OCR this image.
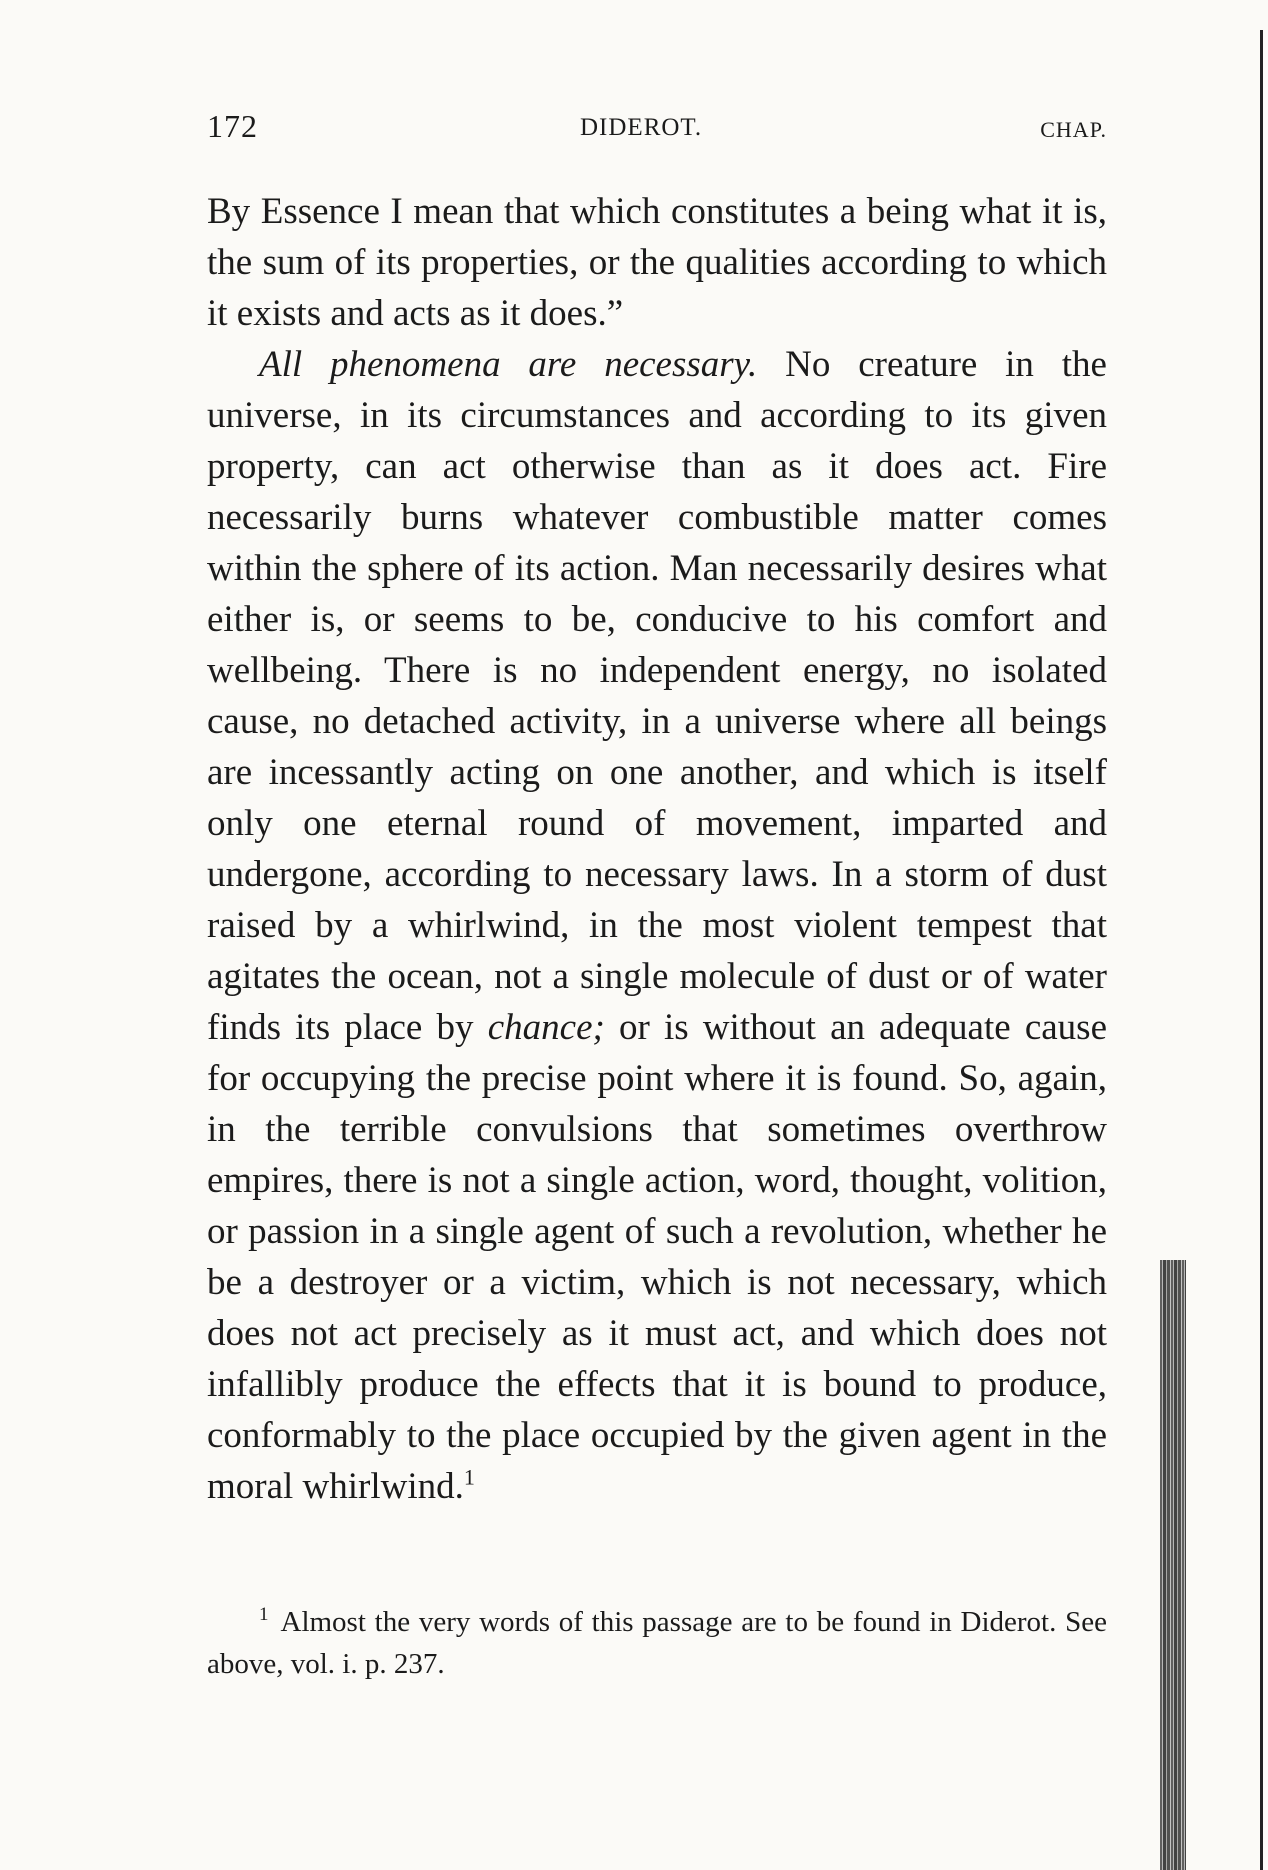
172	DIDEROT.	CHAP.

By Essence I mean that which constitutes a being what it is, the sum of its properties, or the qualities according to which it exists and acts as it does.”

All phenomena are necessary. No creature in the universe, in its circumstances and according to its given property, can act otherwise than as it does act. Fire necessarily burns whatever combustible matter comes within the sphere of its action. Man necessarily desires what either is, or seems to be, conducive to his comfort and wellbeing. There is no independent energy, no isolated cause, no detached activity, in a universe where all beings are incessantly acting on one another, and which is itself only one eternal round of movement, imparted and undergone, according to necessary laws. In a storm of dust raised by a whirlwind, in the most violent tempest that agitates the ocean, not a single molecule of dust or of water finds its place by chance; or is without an adequate cause for occupying the precise point where it is found. So, again, in the terrible convulsions that sometimes overthrow empires, there is not a single action, word, thought, volition, or passion in a single agent of such a revolution, whether he be a destroyer or a victim, which is not necessary, which does not act precisely as it must act, and which does not infallibly produce the effects that it is bound to produce, conformably to the place occupied by the given agent in the moral whirlwind.$^1$

$^1$ Almost the very words of this passage are to be found in Diderot. See above, vol. i. p. 237.
